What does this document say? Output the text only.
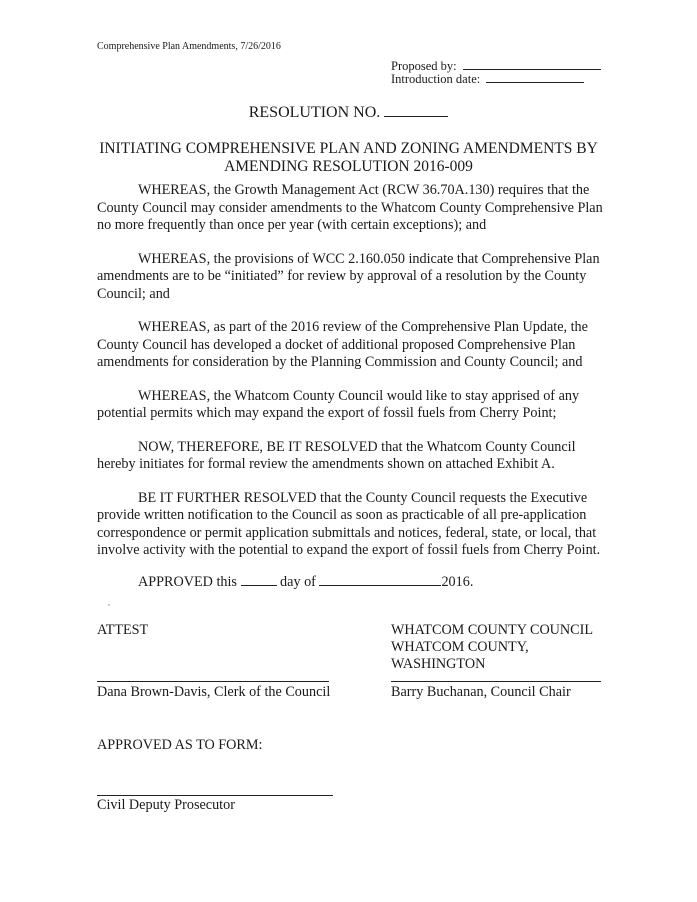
Comprehensive Plan Amendments, 7/26/2016
Proposed by:
Introduction date:
RESOLUTION NO.
INITIATING COMPREHENSIVE PLAN AND ZONING AMENDMENTS BY
AMENDING RESOLUTION 2016-009
WHEREAS, the Growth Management Act (RCW 36.70A.130) requires that the
County Council may consider amendments to the Whatcom County Comprehensive Plan
no more frequently than once per year (with certain exceptions); and
WHEREAS, the provisions of WCC 2.160.050 indicate that Comprehensive Plan
amendments are to be “initiated” for review by approval of a resolution by the County
Council; and
WHEREAS, as part of the 2016 review of the Comprehensive Plan Update, the
County Council has developed a docket of additional proposed Comprehensive Plan
amendments for consideration by the Planning Commission and County Council; and
WHEREAS, the Whatcom County Council would like to stay apprised of any
potential permits which may expand the export of fossil fuels from Cherry Point;
NOW, THEREFORE, BE IT RESOLVED that the Whatcom County Council
hereby initiates for formal review the amendments shown on attached Exhibit A.
BE IT FURTHER RESOLVED that the County Council requests the Executive
provide written notification to the Council as soon as practicable of all pre-application
correspondence or permit application submittals and notices, federal, state, or local, that
involve activity with the potential to expand the export of fossil fuels from Cherry Point.
APPROVED this	day of	2016.
ATTEST	WHATCOM COUNTY COUNCIL
WHATCOM COUNTY,
WASHINGTON
Dana Brown-Davis, Clerk of the Council	Barry Buchanan, Council Chair
APPROVED AS TO FORM:
Civil Deputy Prosecutor
